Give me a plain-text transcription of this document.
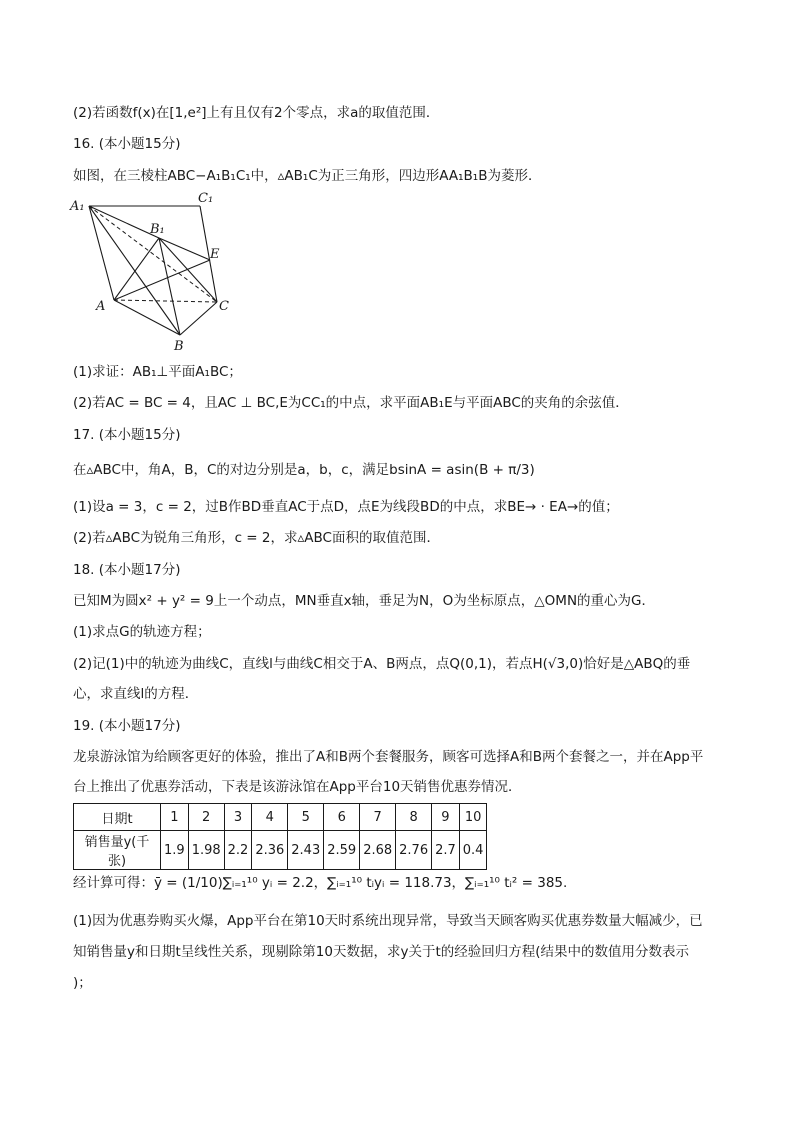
(2)若函数f(x)在[1,e²]上有且仅有2个零点，求a的取值范围．
16. (本小题15分)
如图，在三棱柱ABC−A₁B₁C₁中，▵AB₁C为正三角形，四边形AA₁B₁B为菱形．
A₁
C₁
B₁
E
A	C
B
(1)求证：AB₁⊥平面A₁BC；
(2)若AC = BC = 4，且AC ⊥ BC,E为CC₁的中点，求平面AB₁E与平面ABC的夹角的余弦值．
17. (本小题15分)
在▵ABC中，角A，B，C的对边分别是a，b，c，满足bsinA = asin(B + π/3)
(1)设a = 3，c = 2，过B作BD垂直AC于点D，点E为线段BD的中点，求BE→ · EA→的值；
(2)若▵ABC为锐角三角形，c = 2，求▵ABC面积的取值范围．
18. (本小题17分)
已知M为圆x² + y² = 9上一个动点，MN垂直x轴，垂足为N，O为坐标原点，△OMN的重心为G．
(1)求点G的轨迹方程；
(2)记(1)中的轨迹为曲线C，直线l与曲线C相交于A、B两点，点Q(0,1)，若点H(√3,0)恰好是△ABQ的垂
心，求直线l的方程．
19. (本小题17分)
龙泉游泳馆为给顾客更好的体验，推出了A和B两个套餐服务，顾客可选择A和B两个套餐之一，并在App平
台上推出了优惠券活动，下表是该游泳馆在App平台10天销售优惠券情况．
日期t	1	2	3	4	5	6	7	8	9	10
销售量y(千张)	1.9	1.98	2.2	2.36	2.43	2.59	2.68	2.76	2.7	0.4
经计算可得：ȳ = (1/10)∑ᵢ₌₁¹⁰ yᵢ = 2.2，∑ᵢ₌₁¹⁰ tᵢyᵢ = 118.73，∑ᵢ₌₁¹⁰ tᵢ² = 385.
(1)因为优惠券购买火爆，App平台在第10天时系统出现异常，导致当天顾客购买优惠券数量大幅减少，已
知销售量y和日期t呈线性关系，现剔除第10天数据，求y关于t的经验回归方程(结果中的数值用分数表示
)；
